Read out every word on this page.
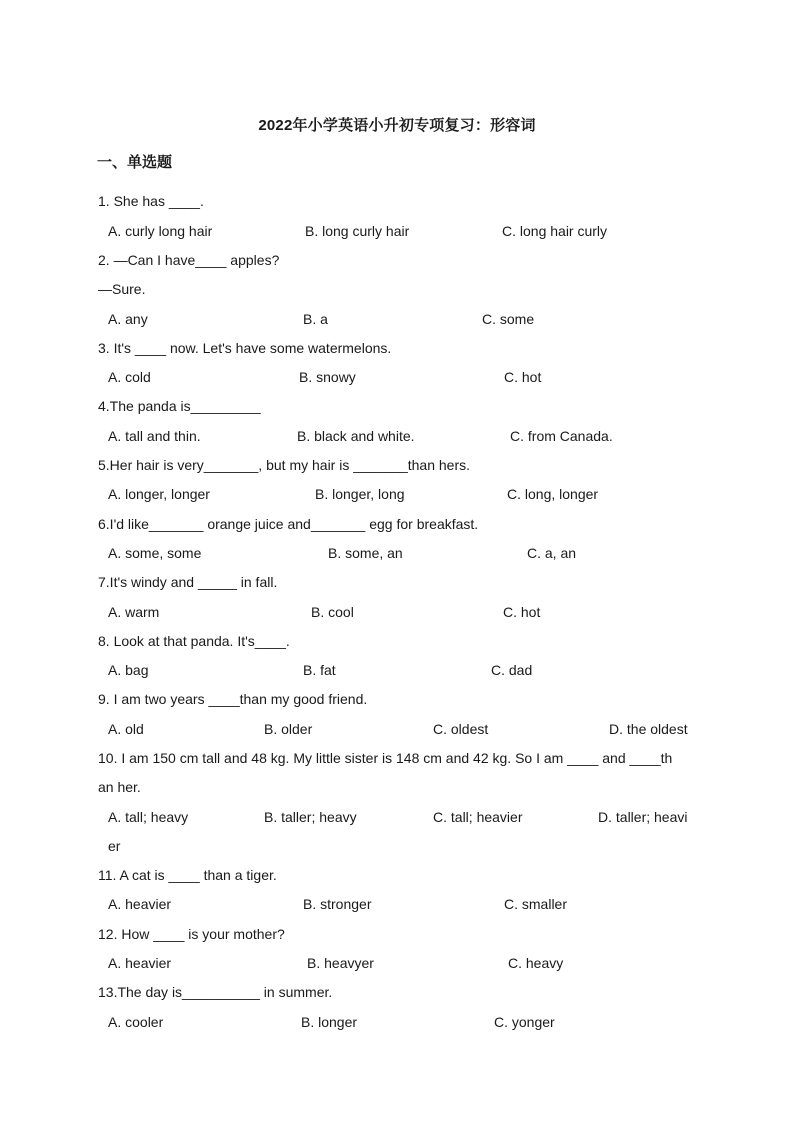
2022年小学英语小升初专项复习：形容词
一、单选题
1. She has ____.
A. curly long hair	B. long curly hair	C. long hair curly
2. —Can I have____ apples?
—Sure.
A. any	B. a	C. some
3. It's ____ now. Let's have some watermelons.
A. cold	B. snowy	C. hot
4.The panda is_________
A. tall and thin.	B. black and white.	C. from Canada.
5.Her hair is very_______, but my hair is _______than hers.
A. longer, longer	B. longer, long	C. long, longer
6.I'd like_______ orange juice and_______ egg for breakfast.
A. some, some	B. some, an	C. a, an
7.It's windy and _____ in fall.
A. warm	B. cool	C. hot
8. Look at that panda. It's____.
A. bag	B. fat	C. dad
9. I am two years ____than my good friend.
A. old	B. older	C. oldest	D. the oldest
10. I am 150 cm tall and 48 kg. My little sister is 148 cm and 42 kg. So I am ____ and ____th
an her.
A. tall; heavy	B. taller; heavy	C. tall; heavier	D. taller; heavi
er
11. A cat is ____ than a tiger.
A. heavier	B. stronger	C. smaller
12. How ____ is your mother?
A. heavier	B. heavyer	C. heavy
13.The day is__________ in summer.
A. cooler	B. longer	C. yonger
